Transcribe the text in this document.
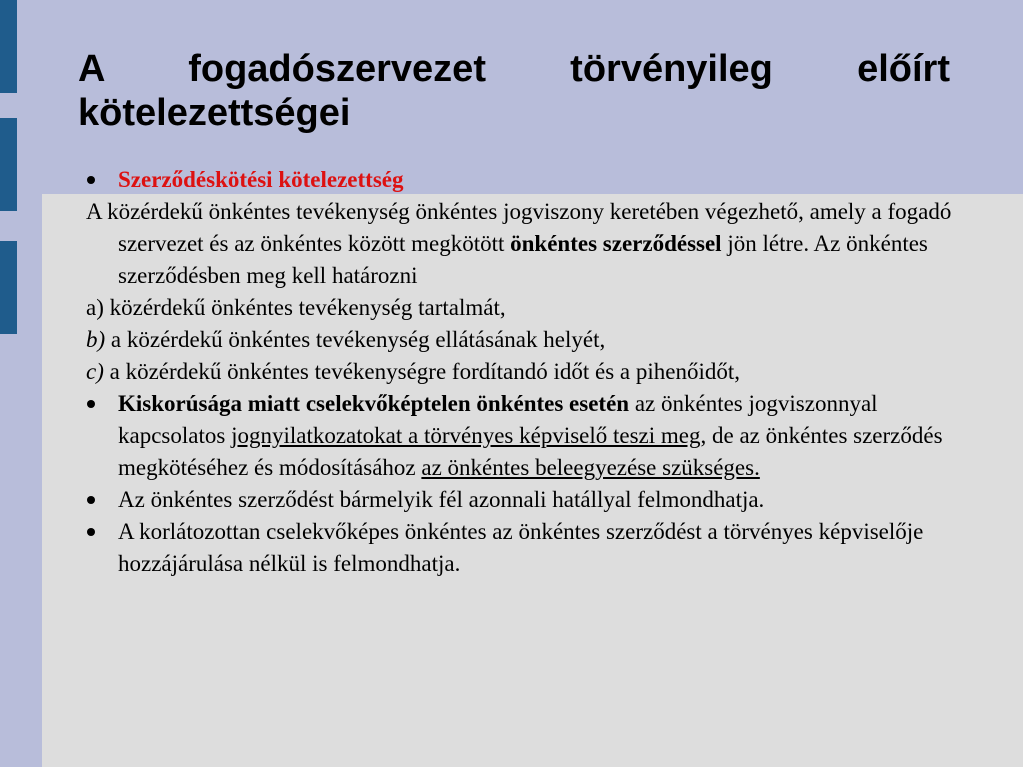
A fogadószervezet törvényileg előírt
kötelezettségei

Szerződéskötési kötelezettség

A közérdekű önkéntes tevékenység önkéntes jogviszony keretében végezhető, amely a fogadó szervezet és az önkéntes között megkötött önkéntes szerződéssel jön létre. Az önkéntes szerződésben meg kell határozni

a) közérdekű önkéntes tevékenység tartalmát,

b) a közérdekű önkéntes tevékenység ellátásának helyét,

c) a közérdekű önkéntes tevékenységre fordítandó időt és a pihenőidőt,

Kiskorúsága miatt cselekvőképtelen önkéntes esetén az önkéntes jogviszonnyal kapcsolatos jognyilatkozatokat a törvényes képviselő teszi meg, de az önkéntes szerződés megkötéséhez és módosításához az önkéntes beleegyezése szükséges.

Az önkéntes szerződést bármelyik fél azonnali hatállyal felmondhatja.

A korlátozottan cselekvőképes önkéntes az önkéntes szerződést a törvényes képviselője hozzájárulása nélkül is felmondhatja.
